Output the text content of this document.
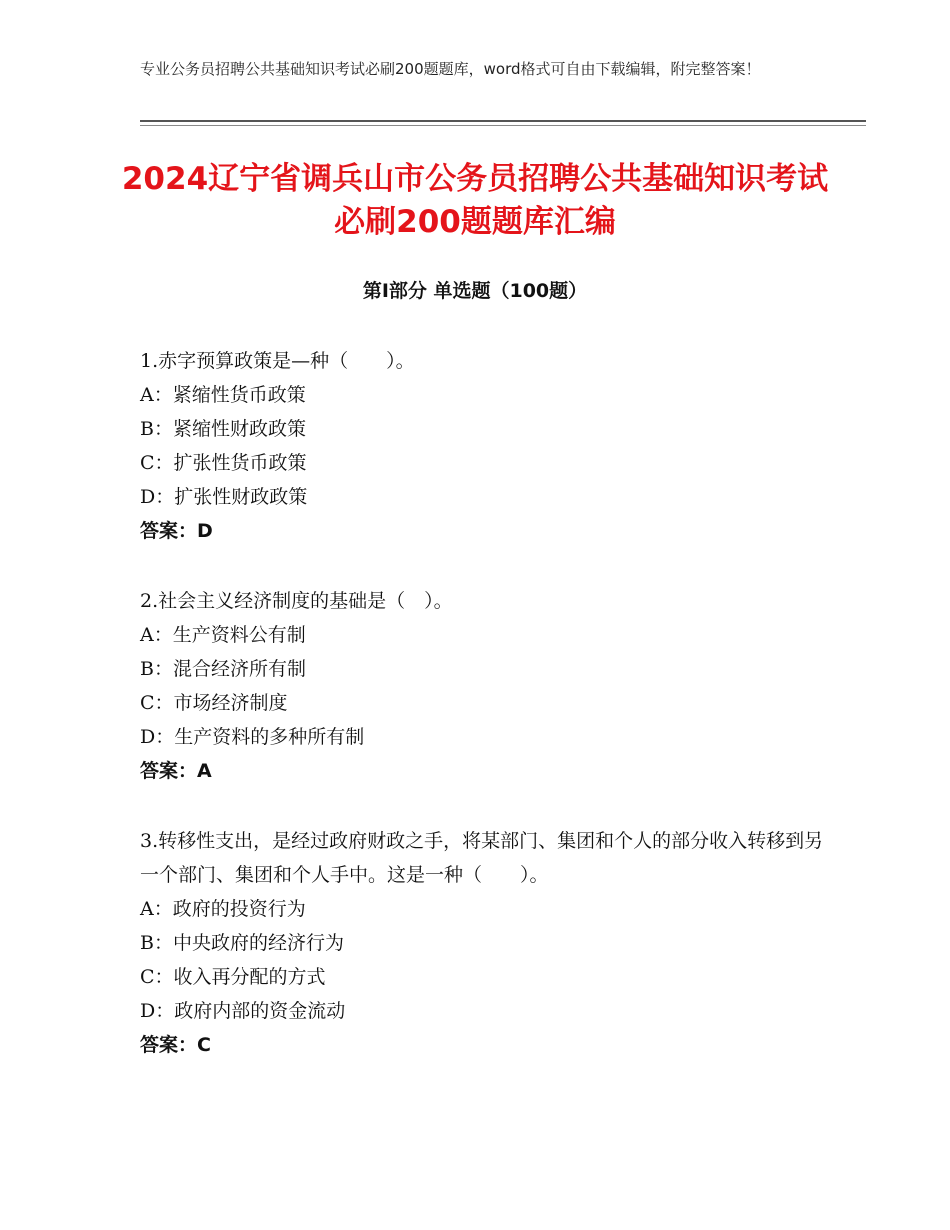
专业公务员招聘公共基础知识考试必刷200题题库，word格式可自由下载编辑，附完整答案！
2024辽宁省调兵山市公务员招聘公共基础知识考试必刷200题题库汇编
第Ⅰ部分 单选题（100题）
1.赤字预算政策是—种（　　）。
A：紧缩性货币政策
B：紧缩性财政政策
C：扩张性货币政策
D：扩张性财政政策
答案：D
2.社会主义经济制度的基础是（　）。
A：生产资料公有制
B：混合经济所有制
C：市场经济制度
D：生产资料的多种所有制
答案：A
3.转移性支出，是经过政府财政之手，将某部门、集团和个人的部分收入转移到另一个部门、集团和个人手中。这是一种（　　）。
A：政府的投资行为
B：中央政府的经济行为
C：收入再分配的方式
D：政府内部的资金流动
答案：C
